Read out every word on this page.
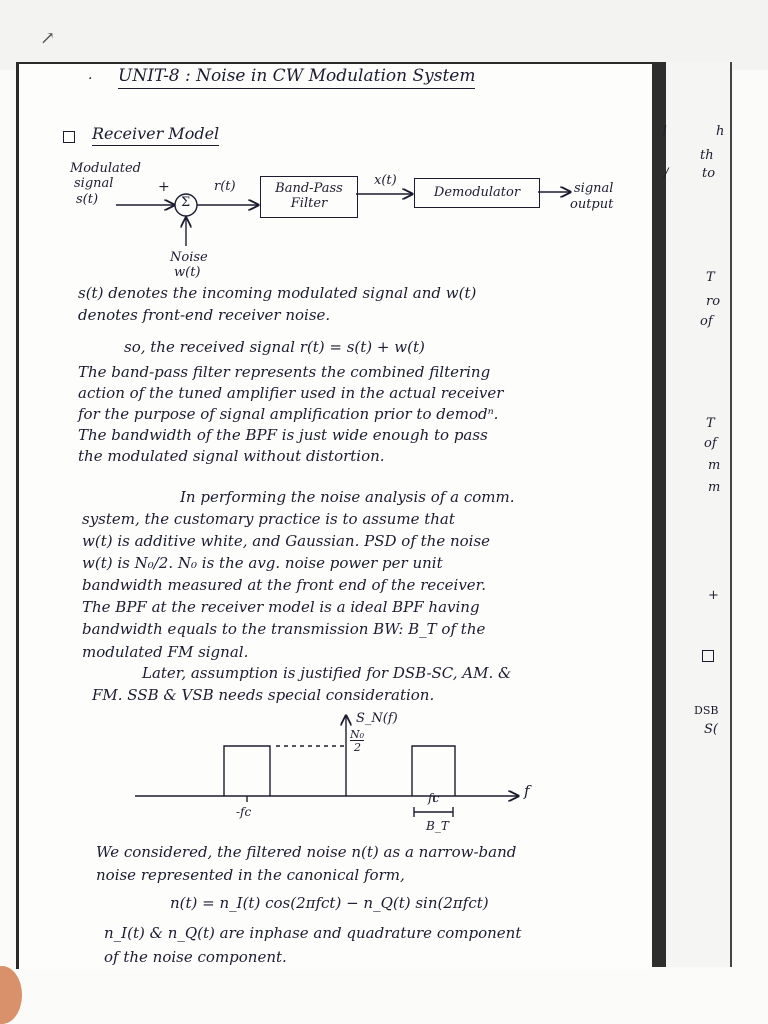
·
↗
UNIT-8 : Noise in CW Modulation System
Receiver Model
Modulated
signal
s(t)
+
Σ
r(t)	Band-Pass
Filter
x(t)
Demodulator	signal
output
Noise
w(t)
s(t) denotes the incoming modulated signal and w(t)
denotes front-end receiver noise.
so, the received signal r(t) = s(t) + w(t)
The band-pass filter represents the combined filtering
action of the tuned amplifier used in the actual receiver
for the purpose of signal amplification prior to demodⁿ.
The bandwidth of the BPF is just wide enough to pass
the modulated signal without distortion.
In performing the noise analysis of a comm.
system, the customary practice is to assume that
w(t) is additive white, and Gaussian. PSD of the noise
w(t) is N₀/2. N₀ is the avg. noise power per unit
bandwidth measured at the front end of the receiver.
The BPF at the receiver model is a ideal BPF having
bandwidth equals to the transmission BW: B_T of the
modulated FM signal.
Later, assumption is justified for DSB-SC, AM. &
FM. SSB & VSB needs special consideration.
S_N(f)
N₀
2
f
-fc
fc
B_T
We considered, the filtered noise n(t) as a narrow-band
noise represented in the canonical form,
n(t) = n_I(t) cos(2πfct) − n_Q(t) sin(2πfct)
n_I(t) & n_Q(t) are inphase and quadrature component
of the noise component.
!
/
h
th
to
T
ro
of
T
of
m
m
+
DSB
S(
